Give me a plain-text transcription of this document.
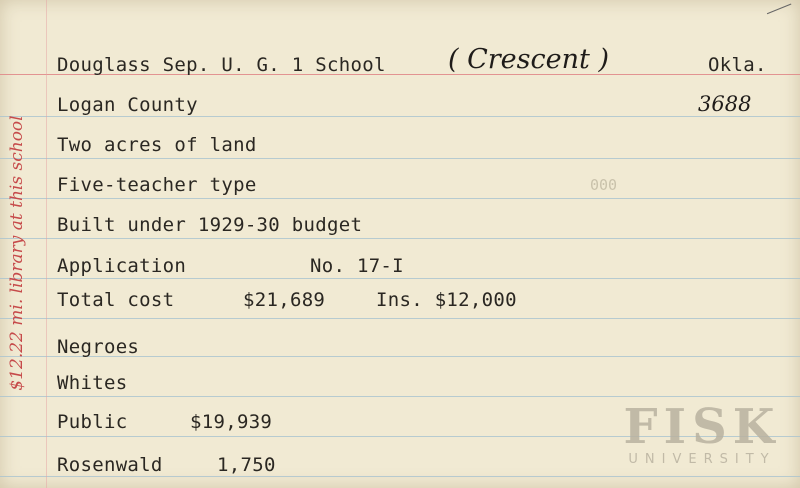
$12.22 mi. library at this school
Douglass Sep. U. G. 1 School ( Crescent )	Okla.
Logan County	3688
Two acres of land
Five-teacher type	000
Built under 1929-30 budget
Application	No. 17-I
Total cost	$21,689	Ins. $12,000
Negroes
Whites
Public	$19,939
Rosenwald	1,750
FISK
UNIVERSITY
